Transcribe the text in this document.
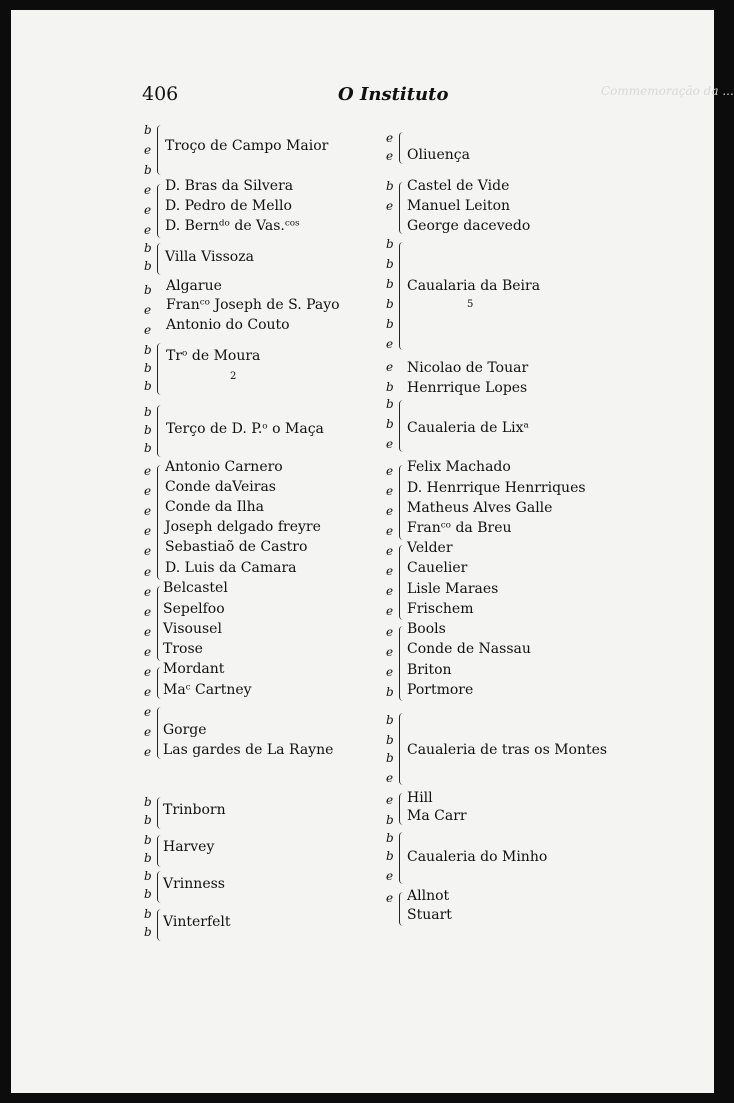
Commemoração da ...
406	O Instituto
b
e
b
e
e
e
b
b
b
e
e
b
b
b
b
b
b
e
e
e
e
e
e
e
e
e
e
e
e
e
e
e
b
b
b
b
b
b
b
b
Troço de Campo Maior
D. Bras da Silvera
D. Pedro de Mello
D. Bernᵈᵒ de Vas.ᶜᵒˢ
Villa Vissoza
Algarue
Franᶜᵒ Joseph de S. Payo
Antonio do Couto
Trᵒ de Moura
2
Terço de D. P.ᵒ o Maça
Antonio Carnero
Conde daVeiras
Conde da Ilha
Joseph delgado freyre
Sebastiaõ de Castro
D. Luis da Camara
Belcastel
Sepelfoo
Visousel
Trose
Mordant
Maᶜ Cartney
Gorge
Las gardes de La Rayne
Trinborn
Harvey
Vrinness
Vinterfelt
e
e
b
e
b
b
b
b
b
e
e
b
b
b
e
e
e
e
e
e
e
e
e
e
e
e
b
b
b
b
e
e
b
b
b
e
e
Oliuença
Castel de Vide
Manuel Leiton
George dacevedo
Caualaria da Beira
5
Nicolao de Touar
Henrrique Lopes
Caualeria de Lixᵃ
Felix Machado
D. Henrrique Henrriques
Matheus Alves Galle
Franᶜᵒ da Breu
Velder
Cauelier
Lisle Maraes
Frischem
Bools
Conde de Nassau
Briton
Portmore
Caualeria de tras os Montes
Hill
Ma Carr
Caualeria do Minho
Allnot
Stuart
